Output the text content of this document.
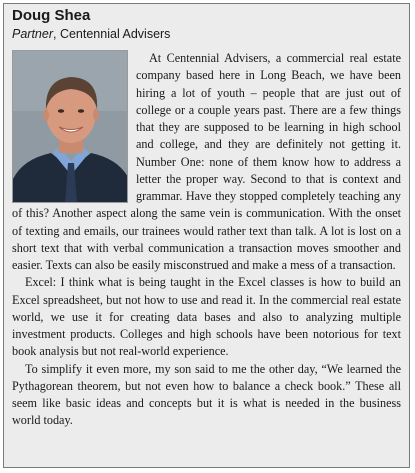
Doug Shea

Partner, Centennial Advisers

At Centennial Advisers, a commercial real estate company based here in Long Beach, we have been hiring a lot of youth – people that are just out of college or a couple years past. There are a few things that they are supposed to be learning in high school and college, and they are definitely not getting it. Number One: none of them know how to address a letter the proper way. Second to that is context and grammar. Have they stopped completely teaching any of this? Another aspect along the same vein is communication. With the onset of texting and emails, our trainees would rather text than talk. A lot is lost on a short text that with verbal communication a transaction moves smoother and easier. Texts can also be easily misconstrued and make a mess of a transaction.

Excel: I think what is being taught in the Excel classes is how to build an Excel spreadsheet, but not how to use and read it. In the commercial real estate world, we use it for creating data bases and also to analyzing multiple investment products. Colleges and high schools have been notorious for text book analysis but not real-world experience.

To simplify it even more, my son said to me the other day, “We learned the Pythagorean theorem, but not even how to balance a check book.” These all seem like basic ideas and concepts but it is what is needed in the business world today.
